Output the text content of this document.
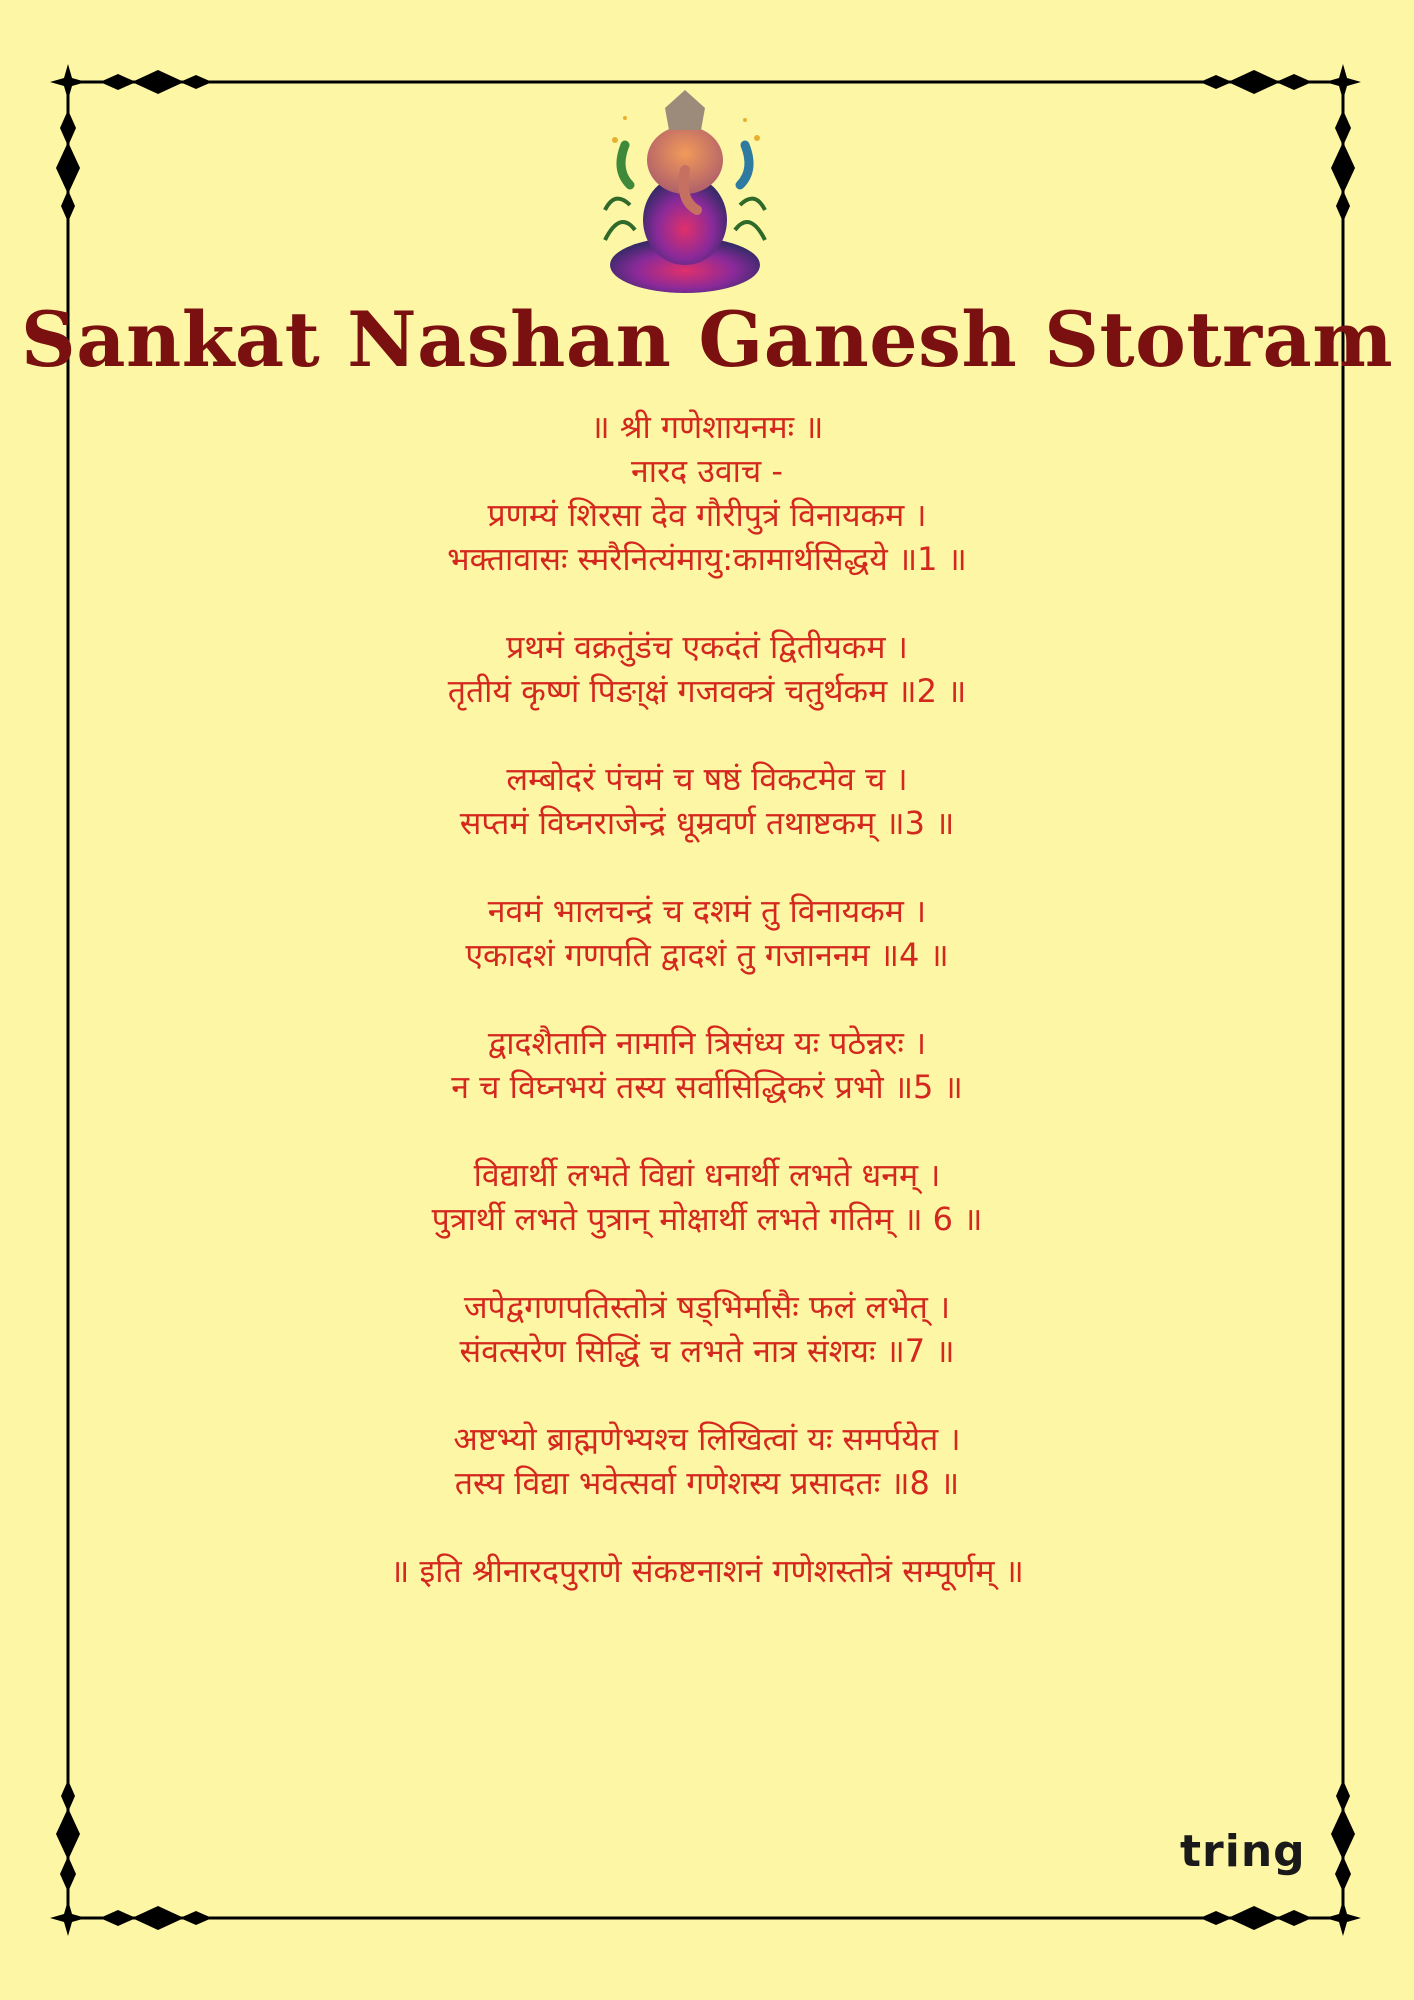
Sankat Nashan Ganesh Stotram
॥ श्री गणेशायनमः ॥
नारद उवाच -
प्रणम्यं शिरसा देव गौरीपुत्रं विनायकम ।
भक्तावासः स्मरैनित्यंमायु:कामार्थसिद्धये ॥1 ॥
प्रथमं वक्रतुंडंच एकदंतं द्वितीयकम ।
तृतीयं कृष्णं पिङा्क्षं गजवक्त्रं चतुर्थकम ॥2 ॥
लम्बोदरं पंचमं च षष्ठं विकटमेव च ।
सप्तमं विघ्नराजेन्द्रं धूम्रवर्ण तथाष्टकम् ॥3 ॥
नवमं भालचन्द्रं च दशमं तु विनायकम ।
एकादशं गणपति द्वादशं तु गजाननम ॥4 ॥
द्वादशैतानि नामानि त्रिसंध्य यः पठेन्नरः ।
न च विघ्नभयं तस्य सर्वासिद्धिकरं प्रभो ॥5 ॥
विद्यार्थी लभते विद्यां धनार्थी लभते धनम् ।
पुत्रार्थी लभते पुत्रान् मोक्षार्थी लभते गतिम् ॥ 6 ॥
जपेद्वगणपतिस्तोत्रं षड्भिर्मासैः फलं लभेत् ।
संवत्सरेण सिद्धिं च लभते नात्र संशयः ॥7 ॥
अष्टभ्यो ब्राह्मणेभ्यश्च लिखित्वां यः समर्पयेत ।
तस्य विद्या भवेत्सर्वा गणेशस्य प्रसादतः ॥8 ॥
॥ इति श्रीनारदपुराणे संकष्टनाशनं गणेशस्तोत्रं सम्पूर्णम् ॥
tring
